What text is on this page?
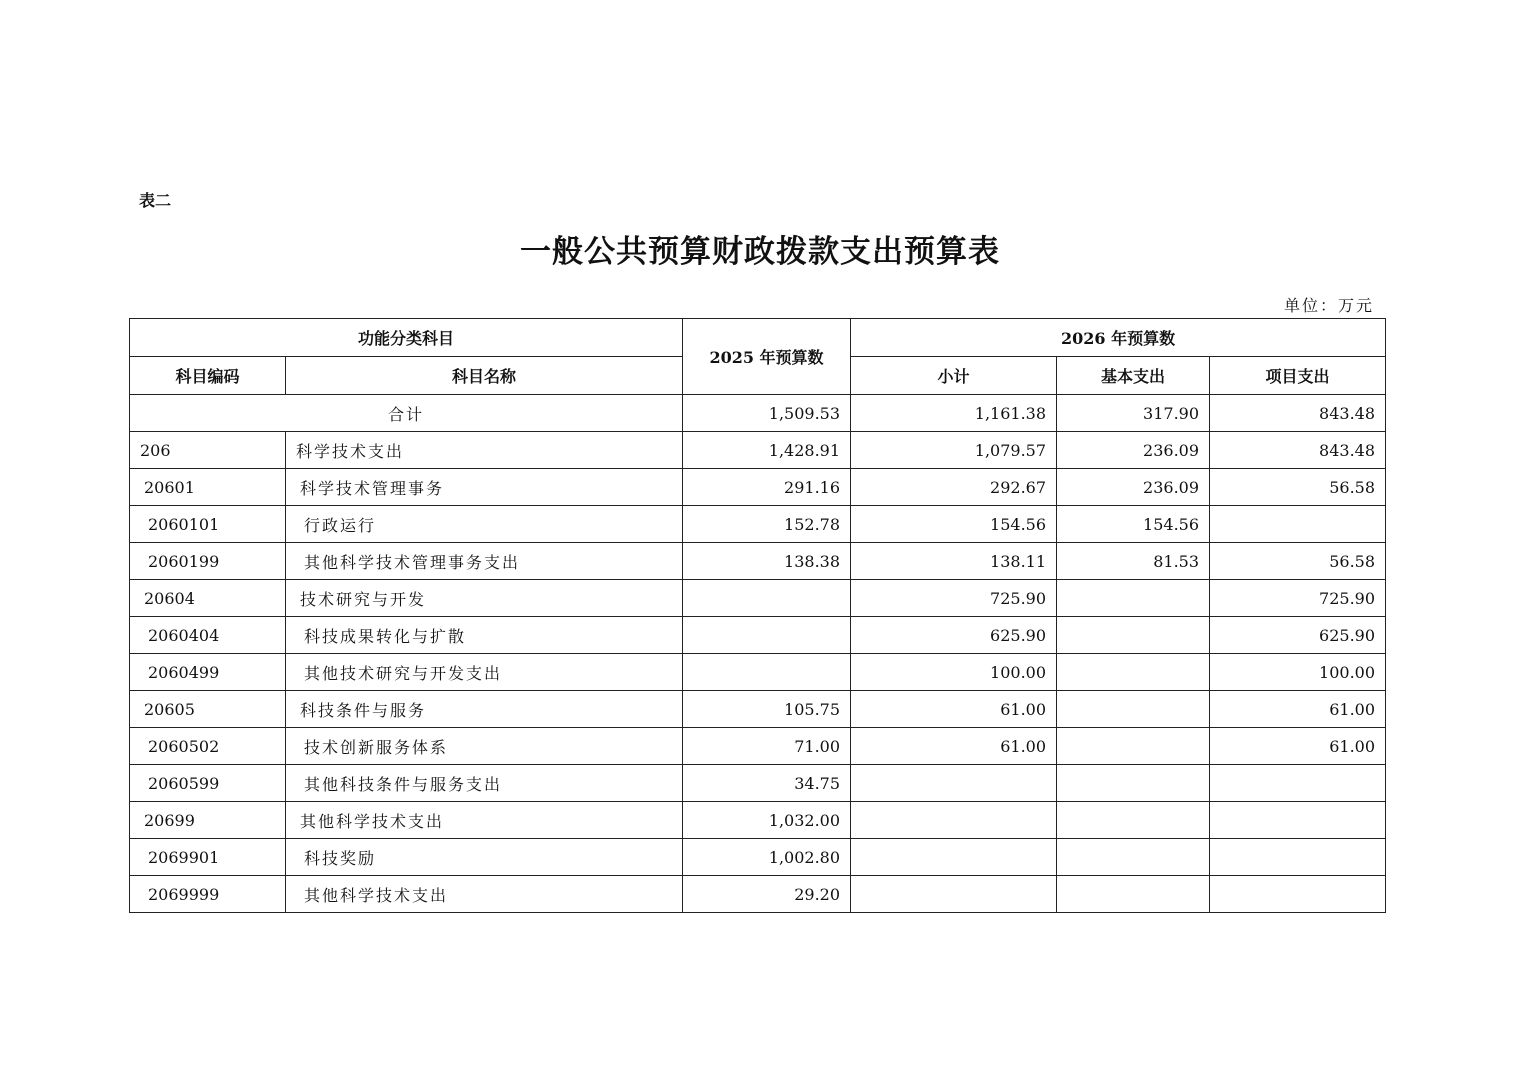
表二
一般公共预算财政拨款支出预算表
单位：万元
功能分类科目		2025 年预算数	2026 年预算数		
科目编码	科目名称		小计	基本支出	项目支出
合计		1,509.53	1,161.38	317.90	843.48
206	科学技术支出	1,428.91	1,079.57	236.09	843.48
20601	科学技术管理事务	291.16	292.67	236.09	56.58
2060101	行政运行	152.78	154.56	154.56	
2060199	其他科学技术管理事务支出	138.38	138.11	81.53	56.58
20604	技术研究与开发		725.90		725.90
2060404	科技成果转化与扩散		625.90		625.90
2060499	其他技术研究与开发支出		100.00		100.00
20605	科技条件与服务	105.75	61.00		61.00
2060502	技术创新服务体系	71.00	61.00		61.00
2060599	其他科技条件与服务支出	34.75			
20699	其他科学技术支出	1,032.00			
2069901	科技奖励	1,002.80			
2069999	其他科学技术支出	29.20			
